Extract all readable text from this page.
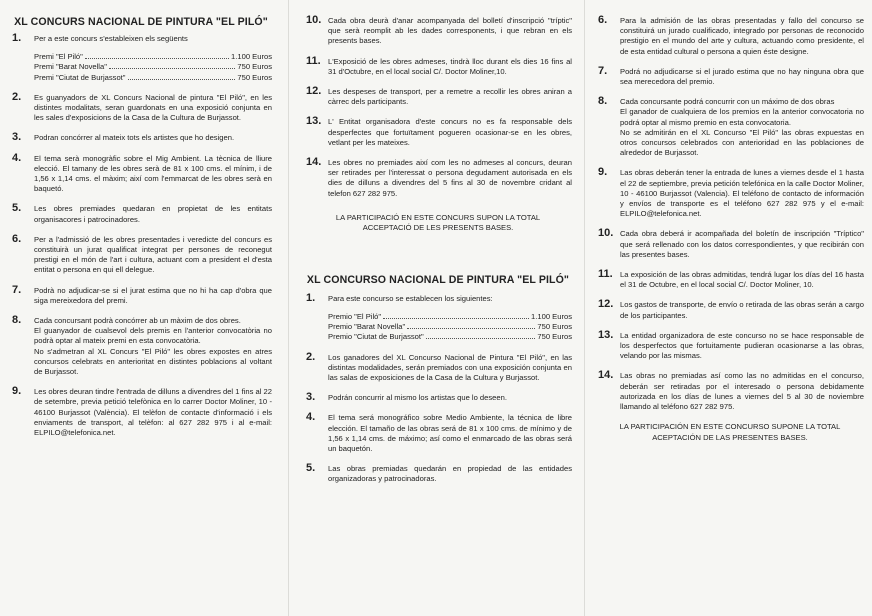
XL CONCURS NACIONAL DE PINTURA "EL PILÓ"
1. Per a este concurs s'estableixen els següents
Premi "El Piló"	1.100 Euros
Premi "Barat Novella"	750 Euros
Premi "Ciutat de Burjassot"	750 Euros
2. Es guanyadors de XL Concurs Nacional de pintura "El Piló", en les distintes modalitats, seran guardonats en una exposició conjunta en les sales d'exposicions de la Casa de la Cultura de Burjassot.
3. Podran concórrer al mateix tots els artistes que ho desigen.
4. El tema serà monogràfic sobre el Mig Ambient. La tècnica de lliure elecció. El tamany de les obres serà de 81 x 100 cms. el mínim, i de 1,56 x 1,14 cms. el màxim; així com l'emmarcat de les obres serà en baquetó.
5. Les obres premiades quedaran en propietat de les entitats organisacores i patrocinadores.
6. Per a l'admissió de les obres presentades i veredicte del concurs es constituirà un jurat qualificat integrat per persones de reconegut prestigi en el món de l'art i cultura, actuant com a president el d'esta entitat o persona en qui ell delegue.
7. Podrà no adjudicar-se si el jurat estima que no hi ha cap d'obra que siga mereixedora del premi.
8. Cada concursant podrà concórrer ab un màxim de dos obres.
El guanyador de cualsevol dels premis en l'anterior convocatòria no podrà optar al mateix premi en esta convocatòria.
No s'admetran al XL Concurs "El Piló" les obres expostes en atres concursos celebrats en anterioritat en distintes poblacions al voltant de Burjassot.
9. Les obres deuran tindre l'entrada de dilluns a divendres del 1 fins al 22 de setembre, previa petició telefònica en lo carrer Doctor Moliner, 10 - 46100 Burjassot (València). El telèfon de contacte d'informació i els enviaments de transport, al telèfon: al 627 282 975 i al e-mail: ELPILO@telefonica.net.
10. Cada obra deurà d'anar acompanyada del bolletí d'inscripció "tríptic" que serà reomplit ab les dades corresponents, i que rebran en els presents bases.
11. L'Exposició de les obres admeses, tindrà lloc durant els dies 16 fins al 31 d'Octubre, en el local social C/. Doctor Moliner,10.
12. Les despeses de transport, per a remetre a recollir les obres aniran a càrrec dels participants.
13. L' Entitat organisadora d'este concurs no es fa responsable dels desperfectes que fortuïtament pogueren ocasionar-se en les obres, vetlant per les mateixes.
14. Les obres no premiades així com les no admeses al concurs, deuran ser retirades per l'interessat o persona degudament autorisada en els dies de dilluns a divendres del 5 fins al 30 de novembre cridant al telefon 627 282 975.
LA PARTICIPACIÓ EN ESTE CONCURS SUPON LA TOTAL
ACCEPTACIÓ DE LES PRESENTS BASES.
XL CONCURSO NACIONAL DE PINTURA "EL PILÓ"
1. Para este concurso se establecen los siguientes:
Premio "El Piló"	1.100 Euros
Premio "Barat Novella"	750 Euros
Premio "Ciutat de Burjassot"	750 Euros
2. Los ganadores del XL Concurso Nacional de Pintura "El Piló", en las distintas modalidades, serán premiados con una exposición conjunta en las salas de exposiciones de la Casa de la Cultura y Burjassot.
3. Podrán concurrir al mismo los artistas que lo deseen.
4. El tema será monográfico sobre Medio Ambiente, la técnica de libre elección. El tamaño de las obras será de 81 x 100 cms. de mínimo y de 1,56 x 1,14 cms. de máximo; así como el enmarcado de las obras será un baquetón.
5. Las obras premiadas quedarán en propiedad de las entidades organizadoras y patrocinadoras.
6. Para la admisión de las obras presentadas y fallo del concurso se constituirá un jurado cualificado, integrado por personas de reconocido prestigio en el mundo del arte y cultura, actuando como presidente, el de esta entidad cultural o persona a quien éste designe.
7. Podrá no adjudicarse si el jurado estima que no hay ninguna obra que sea merecedora del premio.
8. Cada concursante podrá concurrir con un máximo de dos obras
El ganador de cualquiera de los premios en la anterior convocatoria no podrá optar al mismo premio en esta convocatoria.
No se admitirán en el XL Concurso "El Piló" las obras expuestas en otros concursos celebrados con anterioridad en las poblaciones de alrededor de Burjassot.
9. Las obras deberán tener la entrada de lunes a viernes desde el 1 hasta el 22 de septiembre, previa petición telefónica en la calle Doctor Moliner, 10 - 46100 Burjassot (Valencia). El teléfono de contacto de información y envíos de transporte es el teléfono 627 282 975 y el e-mail: ELPILO@telefonica.net.
10. Cada obra deberá ir acompañada del boletín de inscripción "Tríptico" que será rellenado con los datos correspondientes, y que recibirán con las presentes bases.
11. La exposición de las obras admitidas, tendrá lugar los días del 16 hasta el 31 de Octubre, en el local social C/. Doctor Moliner, 10.
12. Los gastos de transporte, de envío o retirada de las obras serán a cargo de los participantes.
13. La entidad organizadora de este concurso no se hace responsable de los desperfectos que fortuitamente pudieran ocasionarse a las obras, velando por las mismas.
14. Las obras no premiadas así como las no admitidas en el concurso, deberán ser retiradas por el interesado o persona debidamente autorizada en los días de lunes a viernes del 5 al 30 de noviembre llamando al teléfono 627 282 975.
LA PARTICIPACIÓN EN ESTE CONCURSO SUPONE LA TOTAL
ACEPTACIÓN DE LAS PRESENTES BASES.
